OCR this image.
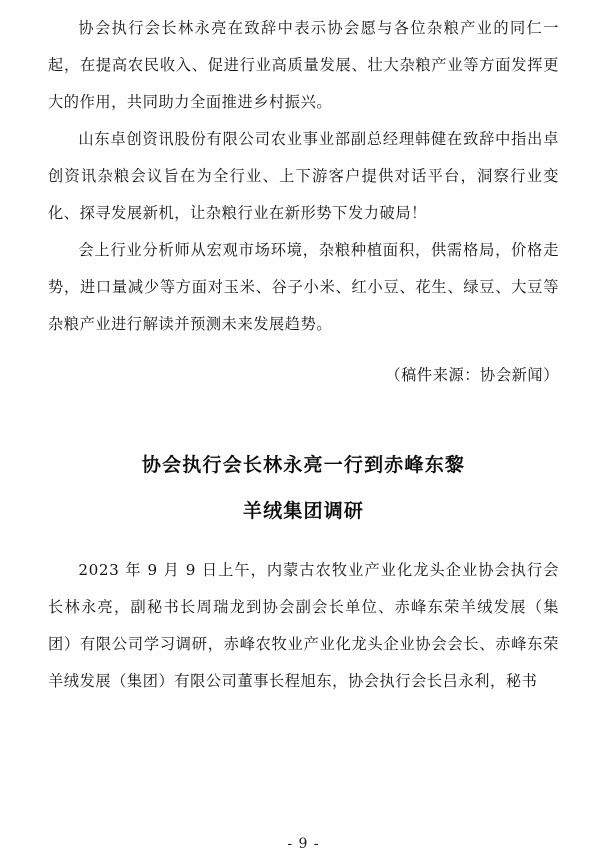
协会执行会长林永亮在致辞中表示协会愿与各位杂粮产业的同仁一起，在提高农民收入、促进行业高质量发展、壮大杂粮产业等方面发挥更大的作用，共同助力全面推进乡村振兴。

山东卓创资讯股份有限公司农业事业部副总经理韩健在致辞中指出卓创资讯杂粮会议旨在为全行业、上下游客户提供对话平台，洞察行业变化、探寻发展新机，让杂粮行业在新形势下发力破局！

会上行业分析师从宏观市场环境，杂粮种植面积，供需格局，价格走势，进口量减少等方面对玉米、谷子小米、红小豆、花生、绿豆、大豆等杂粮产业进行解读并预测未来发展趋势。

（稿件来源：协会新闻）

协会执行会长林永亮一行到赤峰东黎
羊绒集团调研

2023 年 9 月 9 日上午，内蒙古农牧业产业化龙头企业协会执行会长林永亮，副秘书长周瑞龙到协会副会长单位、赤峰东荣羊绒发展（集团）有限公司学习调研，赤峰农牧业产业化龙头企业协会会长、赤峰东荣羊绒发展（集团）有限公司董事长程旭东，协会执行会长吕永利，秘书

- 9 -
